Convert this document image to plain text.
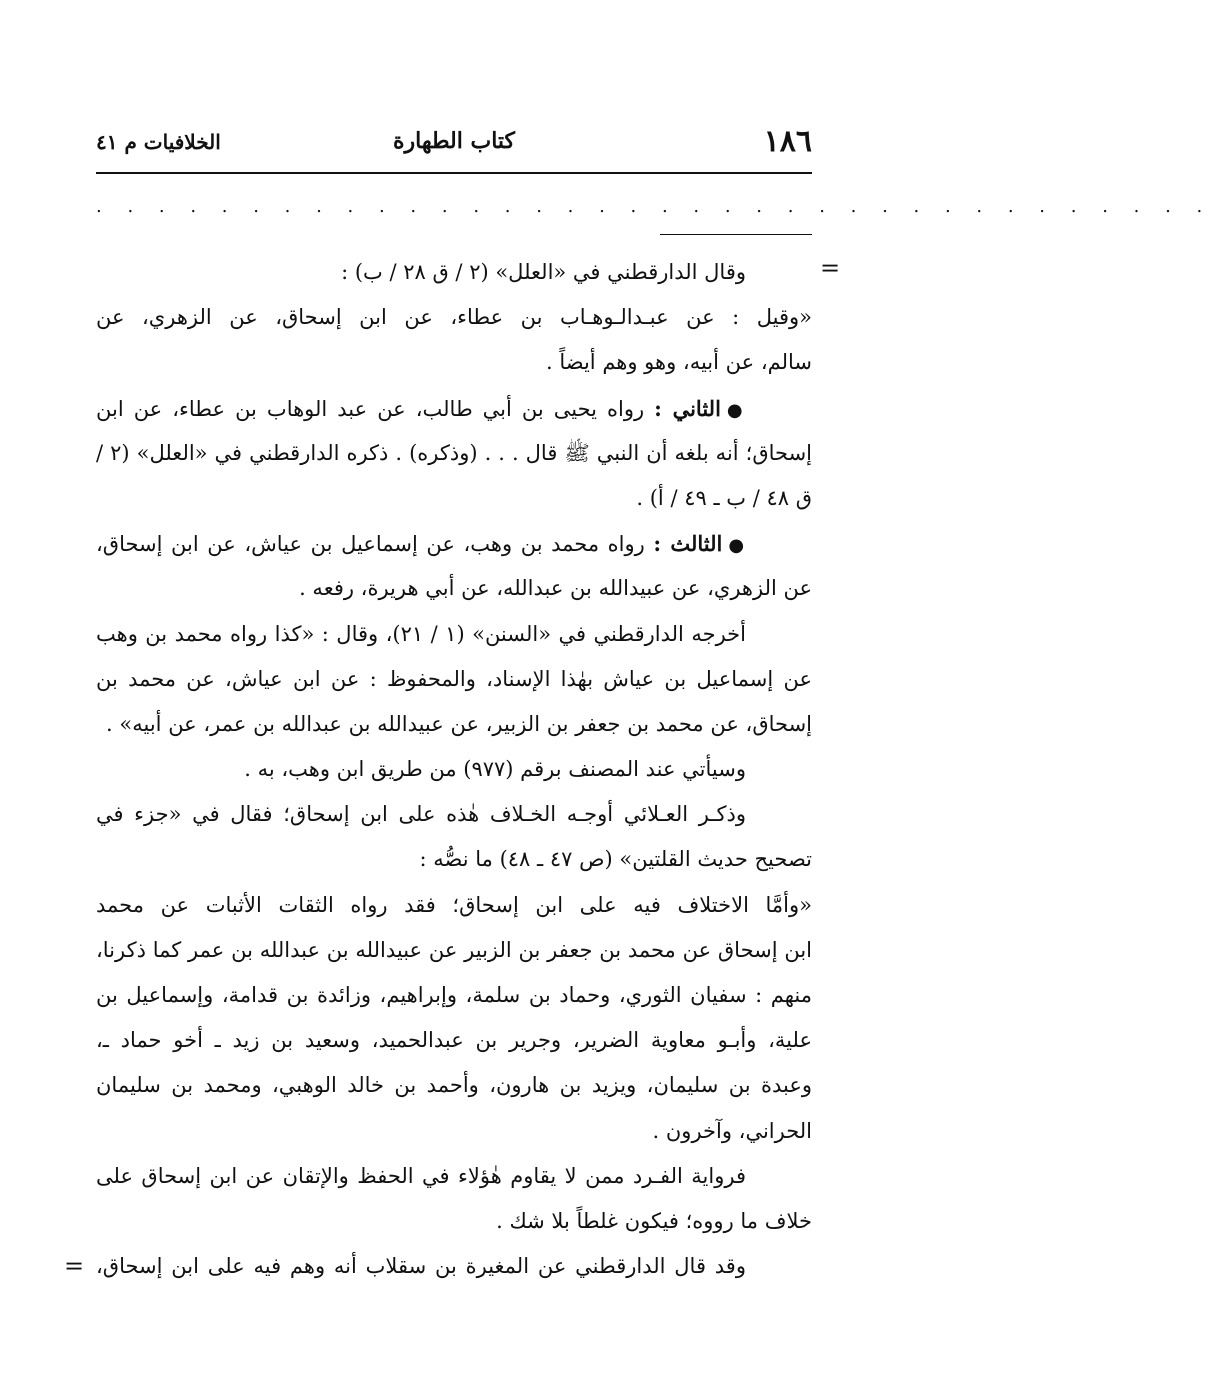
١٨٦
كتاب الطهارة
الخلافيات م ٤١
. . . . . . . . . . . . . . . . . . . . . . . . . . . . . . . . . . . .
=
=
وقال الدارقطني في «العلل» (٢ / ق ٢٨ / ب) :
«وقيل : عن عبـدالـوهـاب بن عطاء، عن ابن إسحاق، عن الزهري، عن
سالم، عن أبيه، وهو وهم أيضاً .
●الثاني : رواه يحيى بن أبي طالب، عن عبد الوهاب بن عطاء، عن ابن
إسحاق؛ أنه بلغه أن النبي ﷺ قال . . . (وذكره) . ذكره الدارقطني في «العلل» (٢ /
ق ٤٨ / ب ـ ٤٩ / أ) .
●الثالث : رواه محمد بن وهب، عن إسماعيل بن عياش، عن ابن إسحاق،
عن الزهري، عن عبيدالله بن عبدالله، عن أبي هريرة، رفعه .
أخرجه الدارقطني في «السنن» (١ / ٢١)، وقال : «كذا رواه محمد بن وهب
عن إسماعيل بن عياش بهٰذا الإسناد، والمحفوظ : عن ابن عياش، عن محمد بن
إسحاق، عن محمد بن جعفر بن الزبير، عن عبيدالله بن عبدالله بن عمر، عن أبيه» .
وسيأتي عند المصنف برقم (٩٧٧) من طريق ابن وهب، به .
وذكـر العـلائي أوجـه الخـلاف هٰذه على ابن إسحاق؛ فقال في «جزء في
تصحيح حديث القلتين» (ص ٤٧ ـ ٤٨) ما نصُّه :
«وأمَّا الاختلاف فيه على ابن إسحاق؛ فقد رواه الثقات الأثبات عن محمد
ابن إسحاق عن محمد بن جعفر بن الزبير عن عبيدالله بن عبدالله بن عمر كما ذكرنا،
منهم : سفيان الثوري، وحماد بن سلمة، وإبراهيم، وزائدة بن قدامة، وإسماعيل بن
علية، وأبـو معاوية الضرير، وجرير بن عبدالحميد، وسعيد بن زيد ـ أخو حماد ـ،
وعبدة بن سليمان، ويزيد بن هارون، وأحمد بن خالد الوهبي، ومحمد بن سليمان
الحراني، وآخرون .
فرواية الفـرد ممن لا يقاوم هٰؤلاء في الحفظ والإتقان عن ابن إسحاق على
خلاف ما رووه؛ فيكون غلطاً بلا شك .
وقد قال الدارقطني عن المغيرة بن سقلاب أنه وهم فيه على ابن إسحاق،
